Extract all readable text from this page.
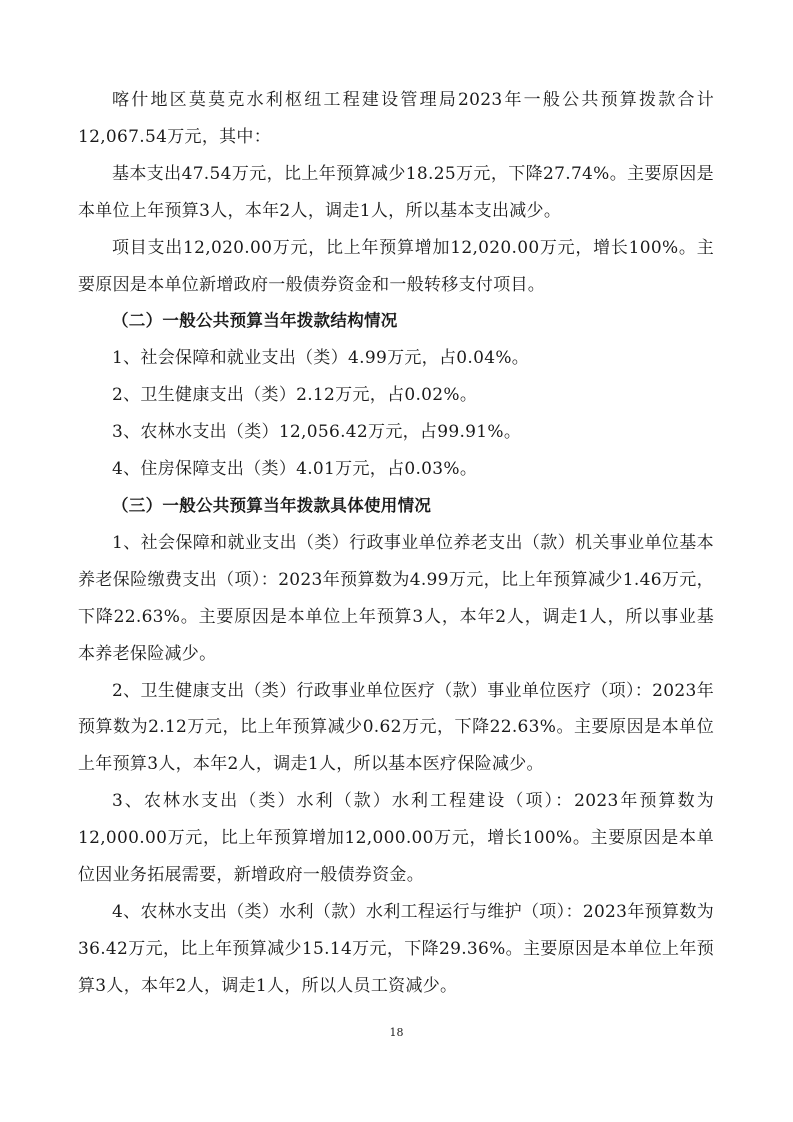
喀什地区莫莫克水利枢纽工程建设管理局2023年一般公共预算拨款合计12,067.54万元，其中：

基本支出47.54万元，比上年预算减少18.25万元，下降27.74%。主要原因是本单位上年预算3人，本年2人，调走1人，所以基本支出减少。

项目支出12,020.00万元，比上年预算增加12,020.00万元，增长100%。主要原因是本单位新增政府一般债券资金和一般转移支付项目。

（二）一般公共预算当年拨款结构情况

1、社会保障和就业支出（类）4.99万元，占0.04%。

2、卫生健康支出（类）2.12万元，占0.02%。

3、农林水支出（类）12,056.42万元，占99.91%。

4、住房保障支出（类）4.01万元，占0.03%。

（三）一般公共预算当年拨款具体使用情况

1、社会保障和就业支出（类）行政事业单位养老支出（款）机关事业单位基本养老保险缴费支出（项）：2023年预算数为4.99万元，比上年预算减少1.46万元，下降22.63%。主要原因是本单位上年预算3人，本年2人，调走1人，所以事业基本养老保险减少。

2、卫生健康支出（类）行政事业单位医疗（款）事业单位医疗（项）：2023年预算数为2.12万元，比上年预算减少0.62万元，下降22.63%。主要原因是本单位上年预算3人，本年2人，调走1人，所以基本医疗保险减少。

3、农林水支出（类）水利（款）水利工程建设（项）：2023年预算数为12,000.00万元，比上年预算增加12,000.00万元，增长100%。主要原因是本单位因业务拓展需要，新增政府一般债券资金。

4、农林水支出（类）水利（款）水利工程运行与维护（项）：2023年预算数为36.42万元，比上年预算减少15.14万元，下降29.36%。主要原因是本单位上年预算3人，本年2人，调走1人，所以人员工资减少。

18
